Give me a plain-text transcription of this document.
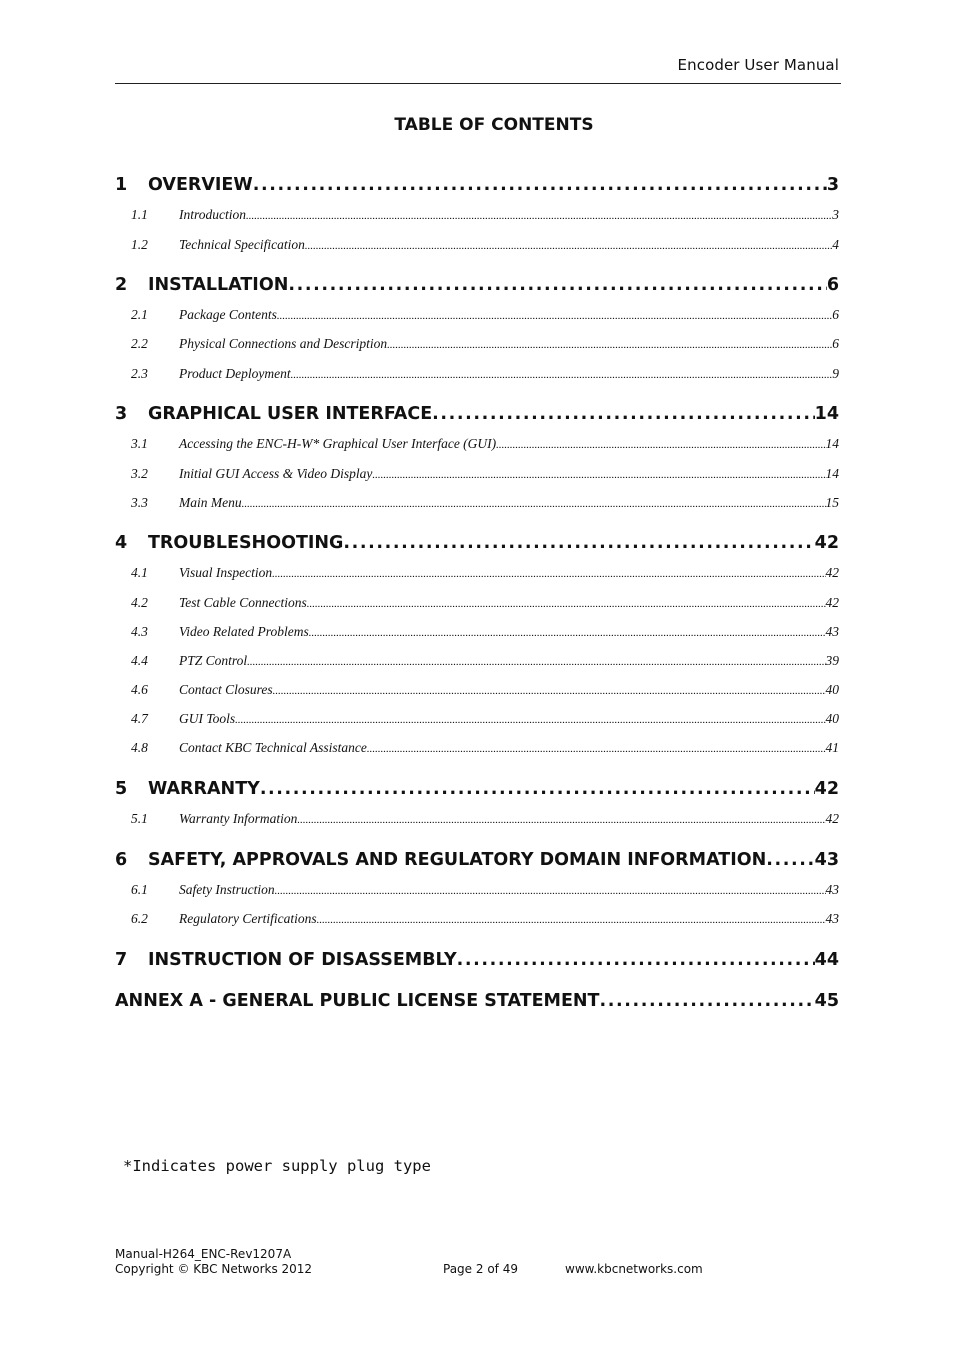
Encoder User Manual
TABLE OF CONTENTS
1	OVERVIEW .....	3
1.1	Introduction .....	3
1.2	Technical Specification .....	4
2	INSTALLATION .....	6
2.1	Package Contents .....	6
2.2	Physical Connections and Description .....	6
2.3	Product Deployment .....	9
3	GRAPHICAL USER INTERFACE .....	14
3.1	Accessing the ENC-H-W* Graphical User Interface (GUI) .....	14
3.2	Initial GUI Access & Video Display .....	14
3.3	Main Menu .....	15
4	TROUBLESHOOTING .....	42
4.1	Visual Inspection .....	42
4.2	Test Cable Connections .....	42
4.3	Video Related Problems .....	43
4.4	PTZ Control .....	39
4.6	Contact Closures .....	40
4.7	GUI Tools .....	40
4.8	Contact KBC Technical Assistance .....	41
5	WARRANTY .....	42
5.1	Warranty Information .....	42
6	SAFETY, APPROVALS AND REGULATORY DOMAIN INFORMATION .....	43
6.1	Safety Instruction .....	43
6.2	Regulatory Certifications .....	43
7	INSTRUCTION OF DISASSEMBLY .....	44
ANNEX A - GENERAL PUBLIC LICENSE STATEMENT .....	45
*Indicates power supply plug type
Manual-H264_ENC-Rev1207A
Copyright © KBC Networks 2012	Page 2 of 49	www.kbcnetworks.com
